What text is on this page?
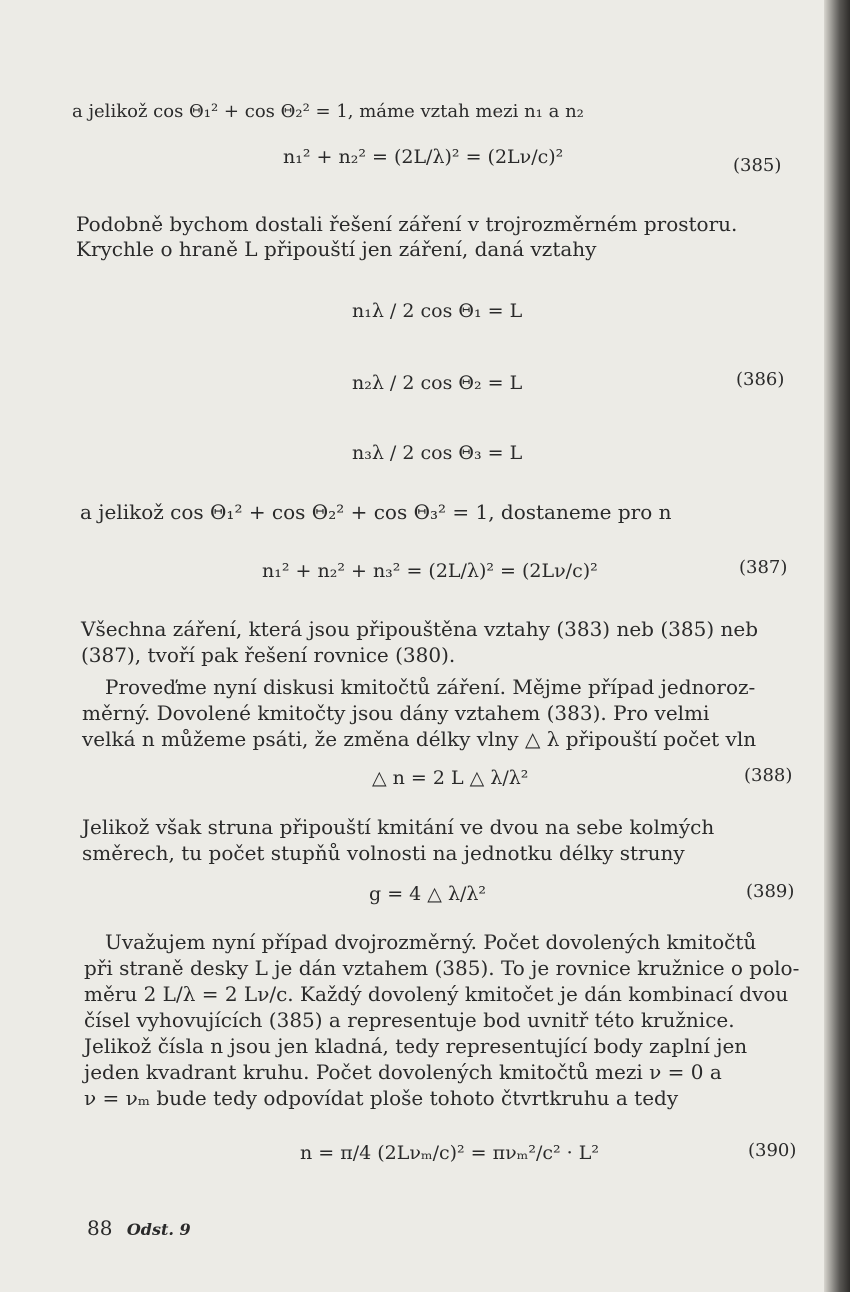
a jelikož cos Θ₁² + cos Θ₂² = 1, máme vztah mezi n₁ a n₂
n₁² + n₂² = (2L/λ)² = (2Lν/c)²	(385)
Podobně bychom dostali řešení záření v trojrozměrném prostoru.
Krychle o hraně L připouští jen záření, daná vztahy
n₁λ / 2 cos Θ₁ = L
n₂λ / 2 cos Θ₂ = L
n₃λ / 2 cos Θ₃ = L
(386)
a jelikož cos Θ₁² + cos Θ₂² + cos Θ₃² = 1, dostaneme pro n
n₁² + n₂² + n₃² = (2L/λ)² = (2Lν/c)²	(387)
Všechna záření, která jsou připouštěna vztahy (383) neb (385) neb
(387), tvoří pak řešení rovnice (380).
Proveďme nyní diskusi kmitočtů záření. Mějme případ jednoroz-
měrný. Dovolené kmitočty jsou dány vztahem (383). Pro velmi
velká n můžeme psáti, že změna délky vlny △ λ připouští počet vln
△ n = 2 L △ λ/λ²	(388)
Jelikož však struna připouští kmitání ve dvou na sebe kolmých
směrech, tu počet stupňů volnosti na jednotku délky struny
g = 4 △ λ/λ²	(389)
Uvažujem nyní případ dvojrozměrný. Počet dovolených kmitočtů
při straně desky L je dán vztahem (385). To je rovnice kružnice o polo-
měru 2 L/λ = 2 Lν/c. Každý dovolený kmitočet je dán kombinací dvou
čísel vyhovujících (385) a representuje bod uvnitř této kružnice.
Jelikož čísla n jsou jen kladná, tedy representující body zaplní jen
jeden kvadrant kruhu. Počet dovolených kmitočtů mezi ν = 0 a
ν = νₘ bude tedy odpovídat ploše tohoto čtvrtkruhu a tedy
n = π/4 (2Lνₘ/c)² = πνₘ²/c² · L²	(390)
88 Odst. 9
